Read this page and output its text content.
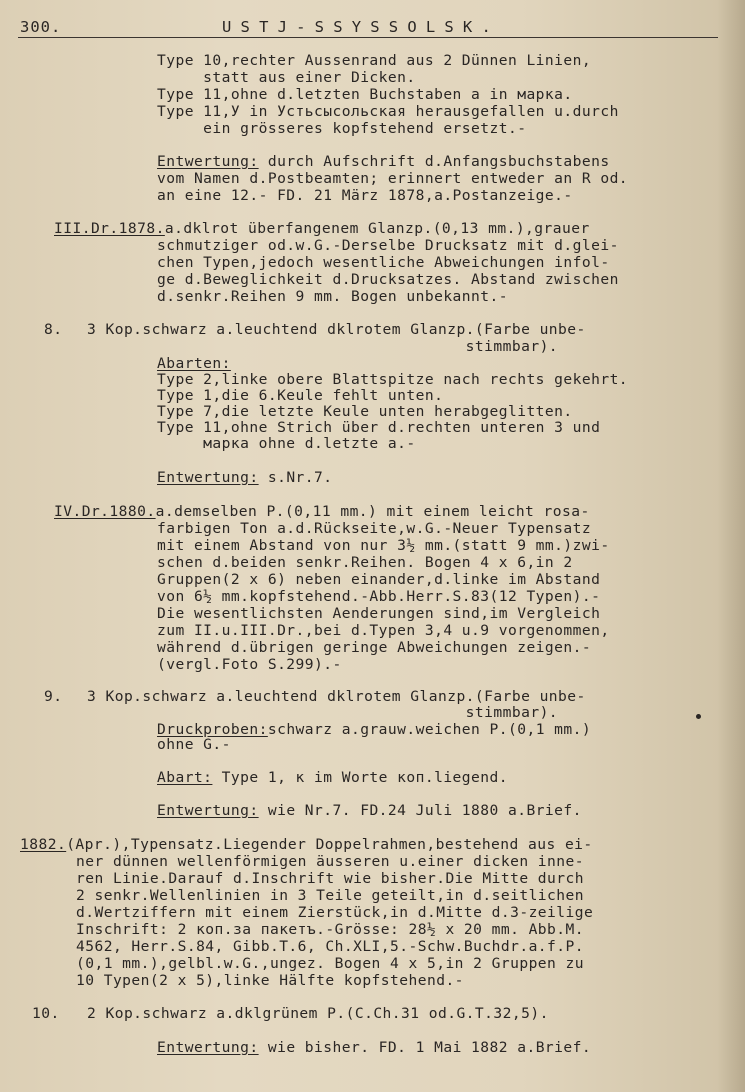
300.	USTJ-SSYSSOLSK.
Type 10,rechter Aussenrand aus 2 Dünnen Linien,
statt aus einer Dicken.
Type 11,ohne d.letzten Buchstaben a in марка.
Type 11,У in Устьсысольская herausgefallen u.durch
ein grösseres kopfstehend ersetzt.-
Entwertung: durch Aufschrift d.Anfangsbuchstabens
vom Namen d.Postbeamten; erinnert entweder an R od.
an eine 12.- FD. 21 März 1878,a.Postanzeige.-
III.Dr.1878.a.dklrot überfangenem Glanzp.(0,13 mm.),grauer
schmutziger od.w.G.-Derselbe Drucksatz mit d.glei-
chen Typen,jedoch wesentliche Abweichungen infol-
ge d.Beweglichkeit d.Drucksatzes. Abstand zwischen
d.senkr.Reihen 9 mm. Bogen unbekannt.-
8. 3 Kop.schwarz a.leuchtend dklrotem Glanzp.(Farbe unbe-
stimmbar).
Abarten:
Type 2,linke obere Blattspitze nach rechts gekehrt.
Type 1,die 6.Keule fehlt unten.
Type 7,die letzte Keule unten herabgeglitten.
Type 11,ohne Strich über d.rechten unteren 3 und
марка ohne d.letzte a.-
Entwertung: s.Nr.7.
IV.Dr.1880.a.demselben P.(0,11 mm.) mit einem leicht rosa-
farbigen Ton a.d.Rückseite,w.G.-Neuer Typensatz
mit einem Abstand von nur 3½ mm.(statt 9 mm.)zwi-
schen d.beiden senkr.Reihen. Bogen 4 x 6,in 2
Gruppen(2 x 6) neben einander,d.linke im Abstand
von 6½ mm.kopfstehend.-Abb.Herr.S.83(12 Typen).-
Die wesentlichsten Aenderungen sind,im Vergleich
zum II.u.III.Dr.,bei d.Typen 3,4 u.9 vorgenommen,
während d.übrigen geringe Abweichungen zeigen.-
(vergl.Foto S.299).-
9. 3 Kop.schwarz a.leuchtend dklrotem Glanzp.(Farbe unbe-
stimmbar).
Druckproben:schwarz a.grauw.weichen P.(0,1 mm.)
ohne G.-
Abart: Type 1, к im Worte коп.liegend.
Entwertung: wie Nr.7. FD.24 Juli 1880 a.Brief.
1882.(Apr.),Typensatz.Liegender Doppelrahmen,bestehend aus ei-
ner dünnen wellenförmigen äusseren u.einer dicken inne-
ren Linie.Darauf d.Inschrift wie bisher.Die Mitte durch
2 senkr.Wellenlinien in 3 Teile geteilt,in d.seitlichen
d.Wertziffern mit einem Zierstück,in d.Mitte d.3-zeilige
Inschrift: 2 коп.за пакетъ.-Grösse: 28½ x 20 mm. Abb.M.
4562, Herr.S.84, Gibb.T.6, Ch.XLI,5.-Schw.Buchdr.a.f.P.
(0,1 mm.),gelbl.w.G.,ungez. Bogen 4 x 5,in 2 Gruppen zu
10 Typen(2 x 5),linke Hälfte kopfstehend.-
10. 2 Kop.schwarz a.dklgrünem P.(C.Ch.31 od.G.T.32,5).
Entwertung: wie bisher. FD. 1 Mai 1882 a.Brief.
